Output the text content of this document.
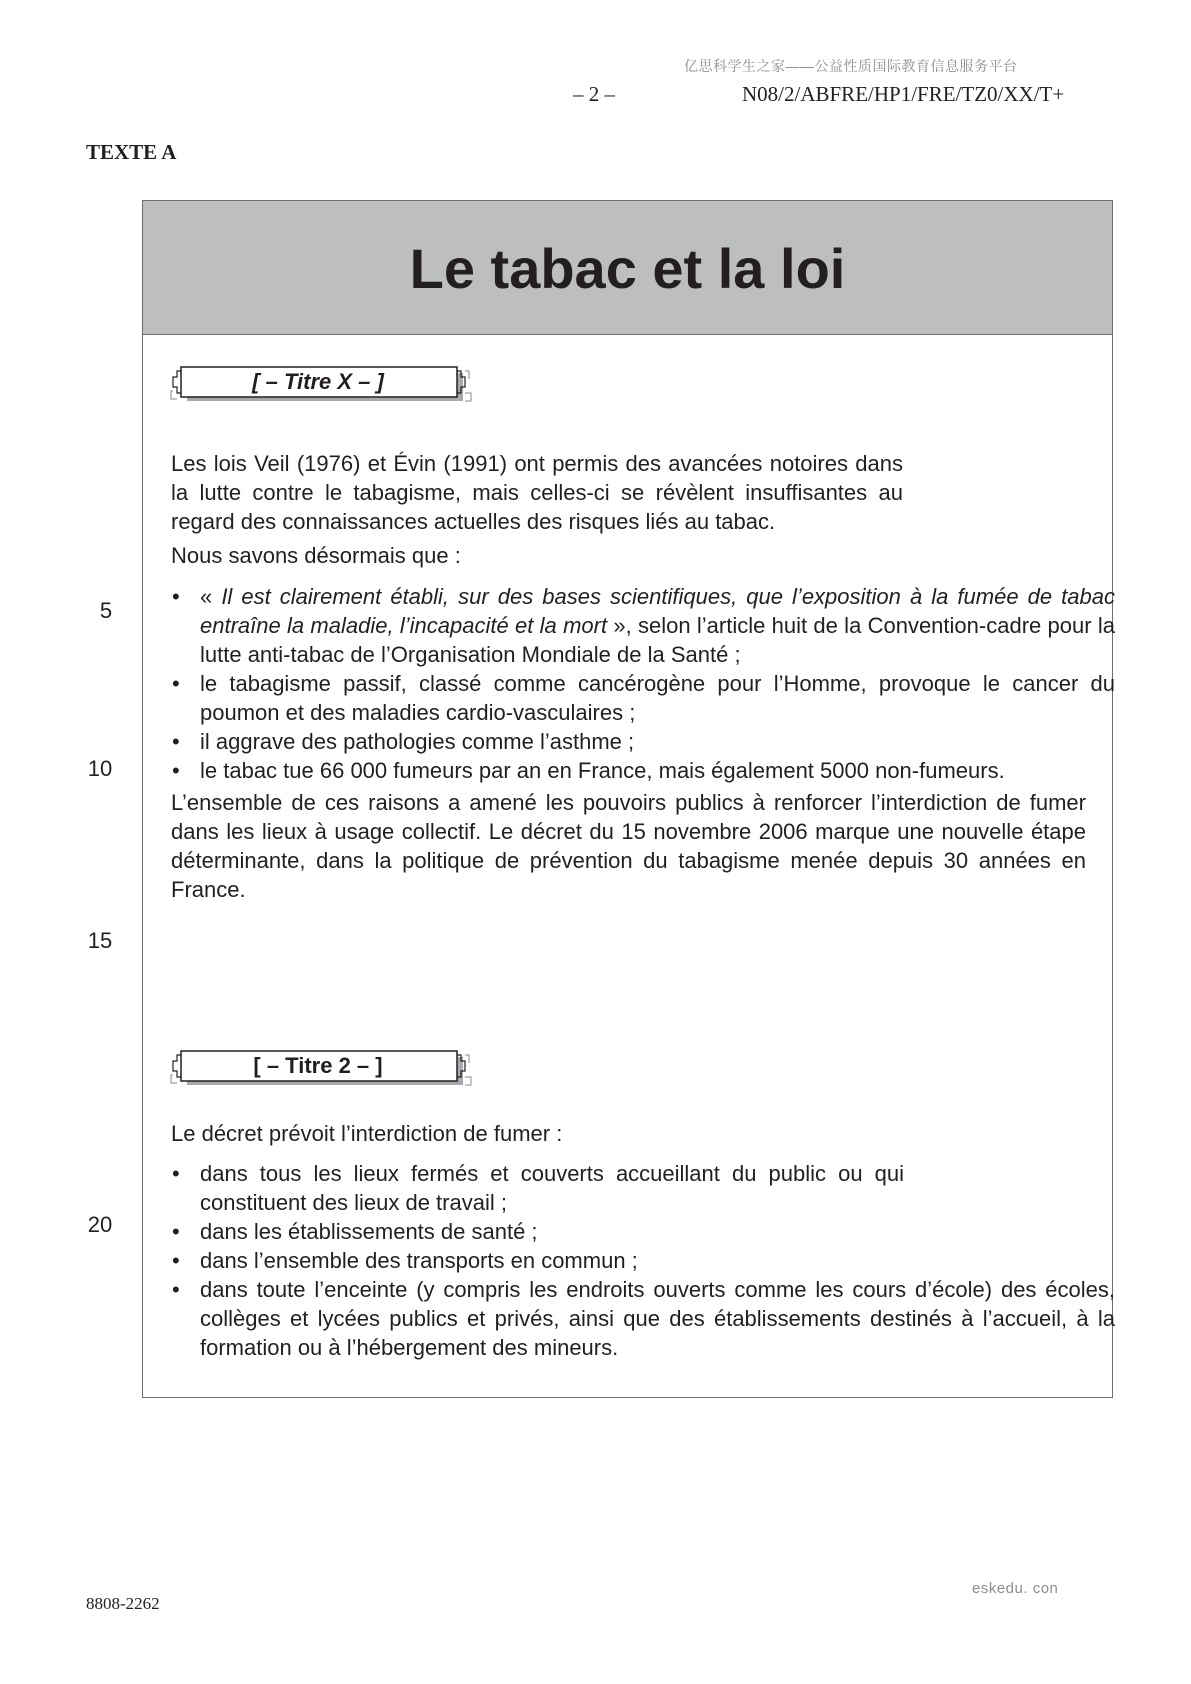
亿思科学生之家——公益性质国际教育信息服务平台
– 2 –	N08/2/ABFRE/HP1/FRE/TZ0/XX/T+
TEXTE A
Le tabac et la loi
[ – Titre X – ]

Les lois Veil (1976) et Évin (1991) ont permis des avancées notoires dans la lutte contre le tabagisme, mais celles-ci se révèlent insuffisantes au regard des connaissances actuelles des risques liés au tabac.

Nous savons désormais que :

• « Il est clairement établi, sur des bases scientifiques, que l’exposition à la fumée de tabac entraîne la maladie, l’incapacité et la mort », selon l’article huit de la Convention-cadre pour la lutte anti-tabac de l’Organisation Mondiale de la Santé ;
• le tabagisme passif, classé comme cancérogène pour l’Homme, provoque le cancer du poumon et des maladies cardio-vasculaires ;
• il aggrave des pathologies comme l’asthme ;
• le tabac tue 66 000 fumeurs par an en France, mais également 5000 non-fumeurs.

L’ensemble de ces raisons a amené les pouvoirs publics à renforcer l’interdiction de fumer dans les lieux à usage collectif. Le décret du 15 novembre 2006 marque une nouvelle étape déterminante, dans la politique de prévention du tabagisme menée depuis 30 années en France.

[ – Titre 2 – ]

Le décret prévoit l’interdiction de fumer :

• dans tous les lieux fermés et couverts accueillant du public ou qui constituent des lieux de travail ;
• dans les établissements de santé ;
• dans l’ensemble des transports en commun ;
• dans toute l’enceinte (y compris les endroits ouverts comme les cours d’école) des écoles, collèges et lycées publics et privés, ainsi que des établissements destinés à l’accueil, à la formation ou à l’hébergement des mineurs.
5
10
15
20
8808-2262
eskedu. con
